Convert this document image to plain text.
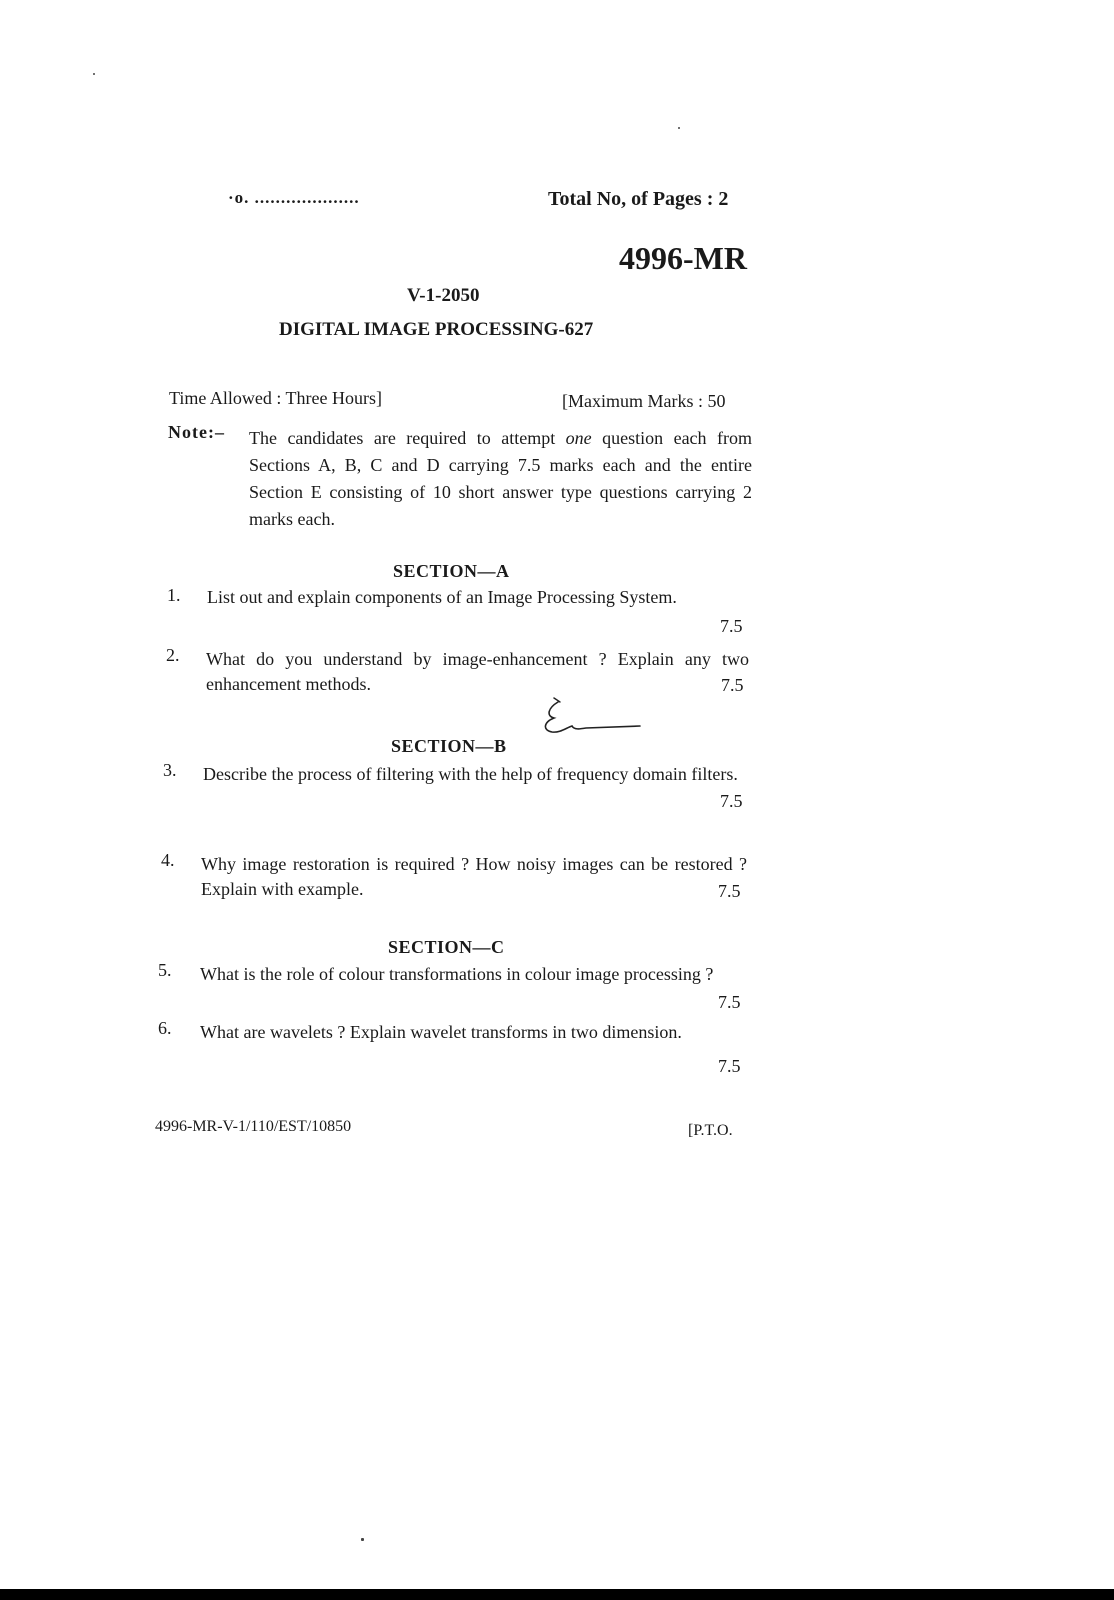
·o. ....................	Total No, of Pages : 2
4996-MR
V-1-2050
DIGITAL IMAGE PROCESSING-627
Time Allowed : Three Hours]	[Maximum Marks : 50
Note:– The candidates are required to attempt one question each from Sections A, B, C and D carrying 7.5 marks each and the entire Section E consisting of 10 short answer type questions carrying 2 marks each.
SECTION—A
1. List out and explain components of an Image Processing System.
7.5
2. What do you understand by image-enhancement ? Explain any two enhancement methods.	7.5
SECTION—B
3. Describe the process of filtering with the help of frequency domain filters.
7.5
4. Why image restoration is required ? How noisy images can be restored ? Explain with example.	7.5
SECTION—C
5. What is the role of colour transformations in colour image processing ?
7.5
6. What are wavelets ? Explain wavelet transforms in two dimension.
7.5
4996-MR-V-1/110/EST/10850	[P.T.O.
